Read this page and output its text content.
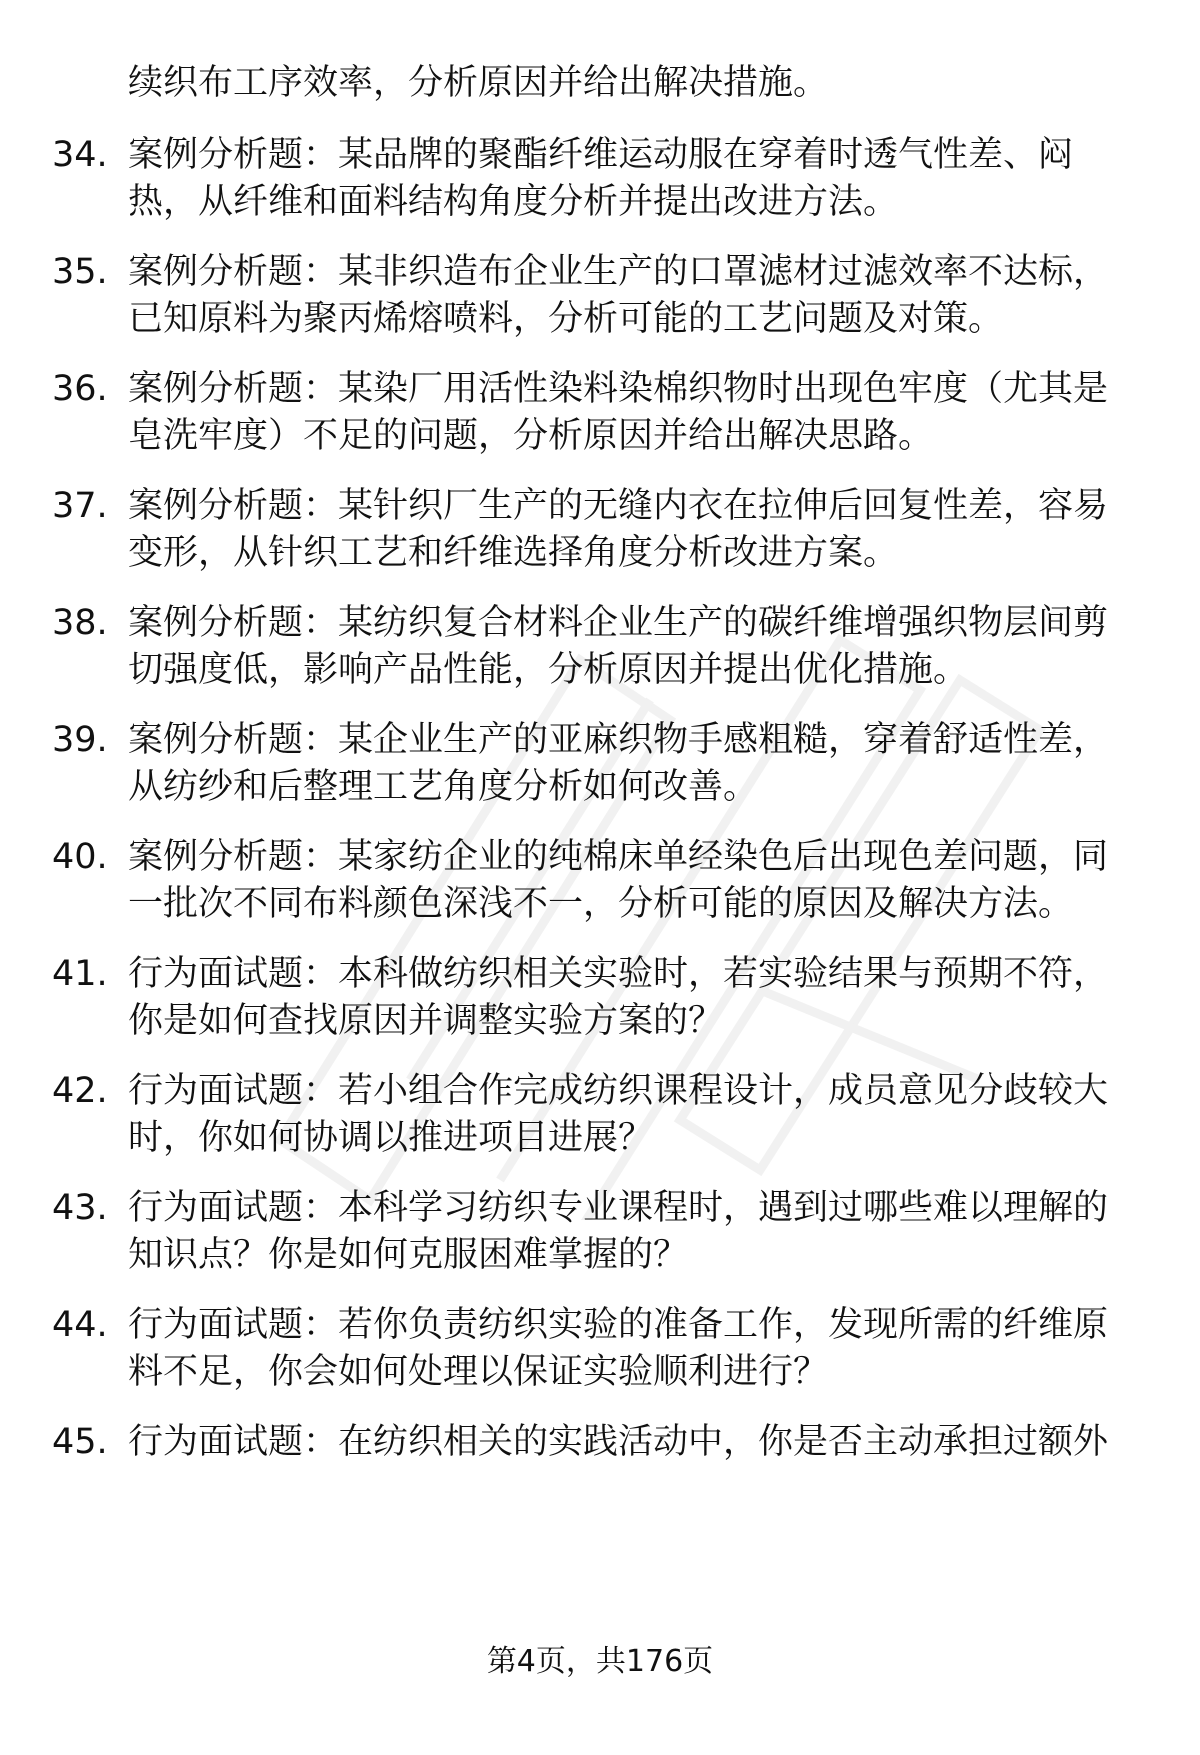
续织布工序效率，分析原因并给出解决措施。
34. 案例分析题：某品牌的聚酯纤维运动服在穿着时透气性差、闷
热，从纤维和面料结构角度分析并提出改进方法。
35. 案例分析题：某非织造布企业生产的口罩滤材过滤效率不达标，
已知原料为聚丙烯熔喷料，分析可能的工艺问题及对策。
36. 案例分析题：某染厂用活性染料染棉织物时出现色牢度（尤其是
皂洗牢度）不足的问题，分析原因并给出解决思路。
37. 案例分析题：某针织厂生产的无缝内衣在拉伸后回复性差，容易
变形，从针织工艺和纤维选择角度分析改进方案。
38. 案例分析题：某纺织复合材料企业生产的碳纤维增强织物层间剪
切强度低，影响产品性能，分析原因并提出优化措施。
39. 案例分析题：某企业生产的亚麻织物手感粗糙，穿着舒适性差，
从纺纱和后整理工艺角度分析如何改善。
40. 案例分析题：某家纺企业的纯棉床单经染色后出现色差问题，同
一批次不同布料颜色深浅不一，分析可能的原因及解决方法。
41. 行为面试题：本科做纺织相关实验时，若实验结果与预期不符，
你是如何查找原因并调整实验方案的？
42. 行为面试题：若小组合作完成纺织课程设计，成员意见分歧较大
时，你如何协调以推进项目进展？
43. 行为面试题：本科学习纺织专业课程时，遇到过哪些难以理解的
知识点？你是如何克服困难掌握的？
44. 行为面试题：若你负责纺织实验的准备工作，发现所需的纤维原
料不足，你会如何处理以保证实验顺利进行？
45. 行为面试题：在纺织相关的实践活动中，你是否主动承担过额外
第4页，共176页
